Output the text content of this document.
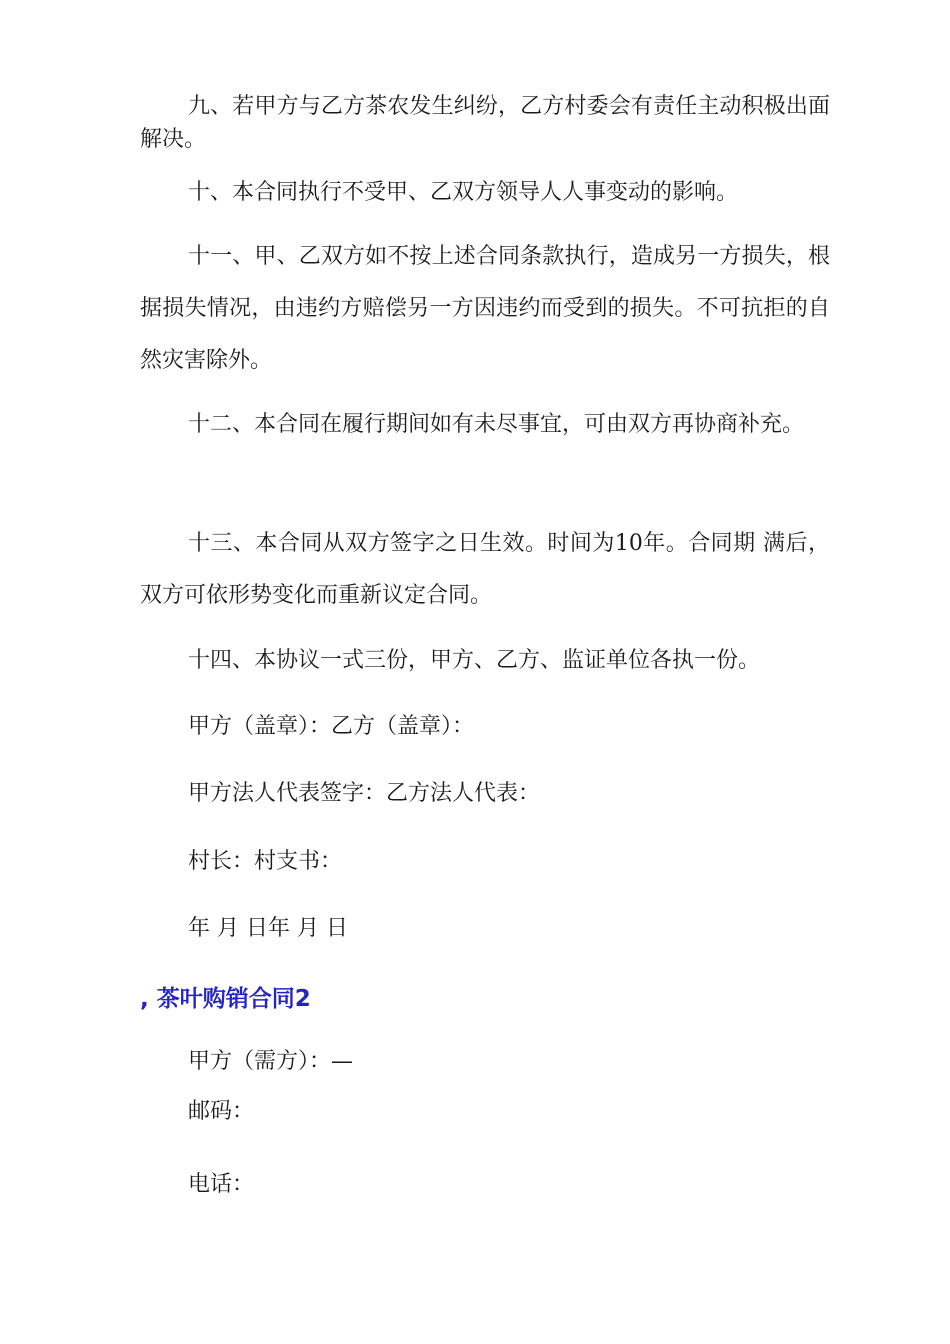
九、若甲方与乙方茶农发生纠纷，乙方村委会有责任主动积极出面解决。

十、本合同执行不受甲、乙双方领导人人事变动的影响。

十一、甲、乙双方如不按上述合同条款执行，造成另一方损失，根据损失情况，由违约方赔偿另一方因违约而受到的损失。不可抗拒的自然灾害除外。

十二、本合同在履行期间如有未尽事宜，可由双方再协商补充。

十三、本合同从双方签字之日生效。时间为10年。合同期 满后，双方可依形势变化而重新议定合同。

十四、本协议一式三份，甲方、乙方、监证单位各执一份。

甲方（盖章）：乙方（盖章）：

甲方法人代表签字：乙方法人代表：

村长：村支书：

年 月 日年 月 日

, 茶叶购销合同2

甲方（需方）：—

邮码：

电话：
